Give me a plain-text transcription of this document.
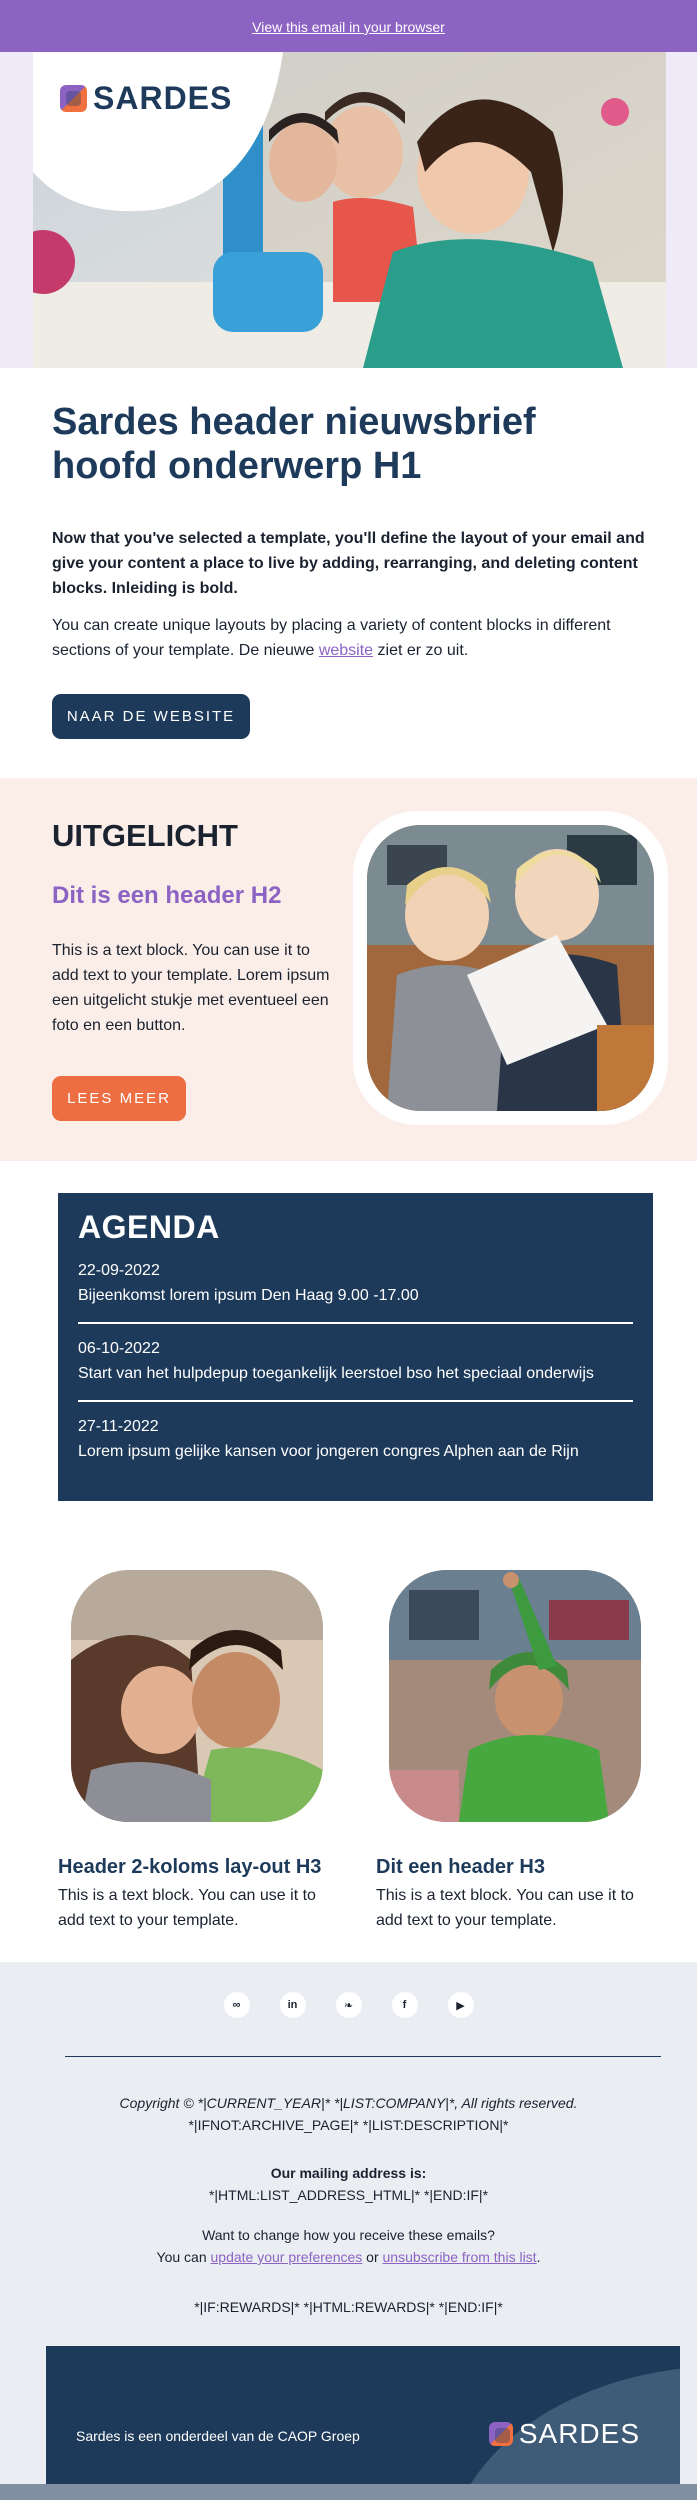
View this email in your browser
SARDES
Sardes header nieuwsbrief
hoofd onderwerp H1

Now that you've selected a template, you'll define the layout of your email and give your content a place to live by adding, rearranging, and deleting content blocks. Inleiding is bold.

You can create unique layouts by placing a variety of content blocks in different sections of your template. De nieuwe website ziet er zo uit.

NAAR DE WEBSITE
UITGELICHT
Dit is een header H2

This is a text block. You can use it to add text to your template. Lorem ipsum een uitgelicht stukje met eventueel een foto en een button.

LEES MEER
AGENDA
22-09-2022
Bijeenkomst lorem ipsum Den Haag 9.00 -17.00
06-10-2022
Start van het hulpdepup toegankelijk leerstoel bso het speciaal onderwijs
27-11-2022
Lorem ipsum gelijke kansen voor jongeren congres Alphen aan de Rijn
Header 2-koloms lay-out H3

This is a text block. You can use it to add text to your template.

Dit een header H3

This is a text block. You can use it to add text to your template.

∞	in	❧	f	▶
Copyright © *|CURRENT_YEAR|* *|LIST:COMPANY|*, All rights reserved.
*|IFNOT:ARCHIVE_PAGE|* *|LIST:DESCRIPTION|*
Our mailing address is:
*|HTML:LIST_ADDRESS_HTML|* *|END:IF|*
Want to change how you receive these emails?
You can update your preferences or unsubscribe from this list.
*|IF:REWARDS|* *|HTML:REWARDS|* *|END:IF|*
Sardes is een onderdeel van de CAOP Groep	SARDES
